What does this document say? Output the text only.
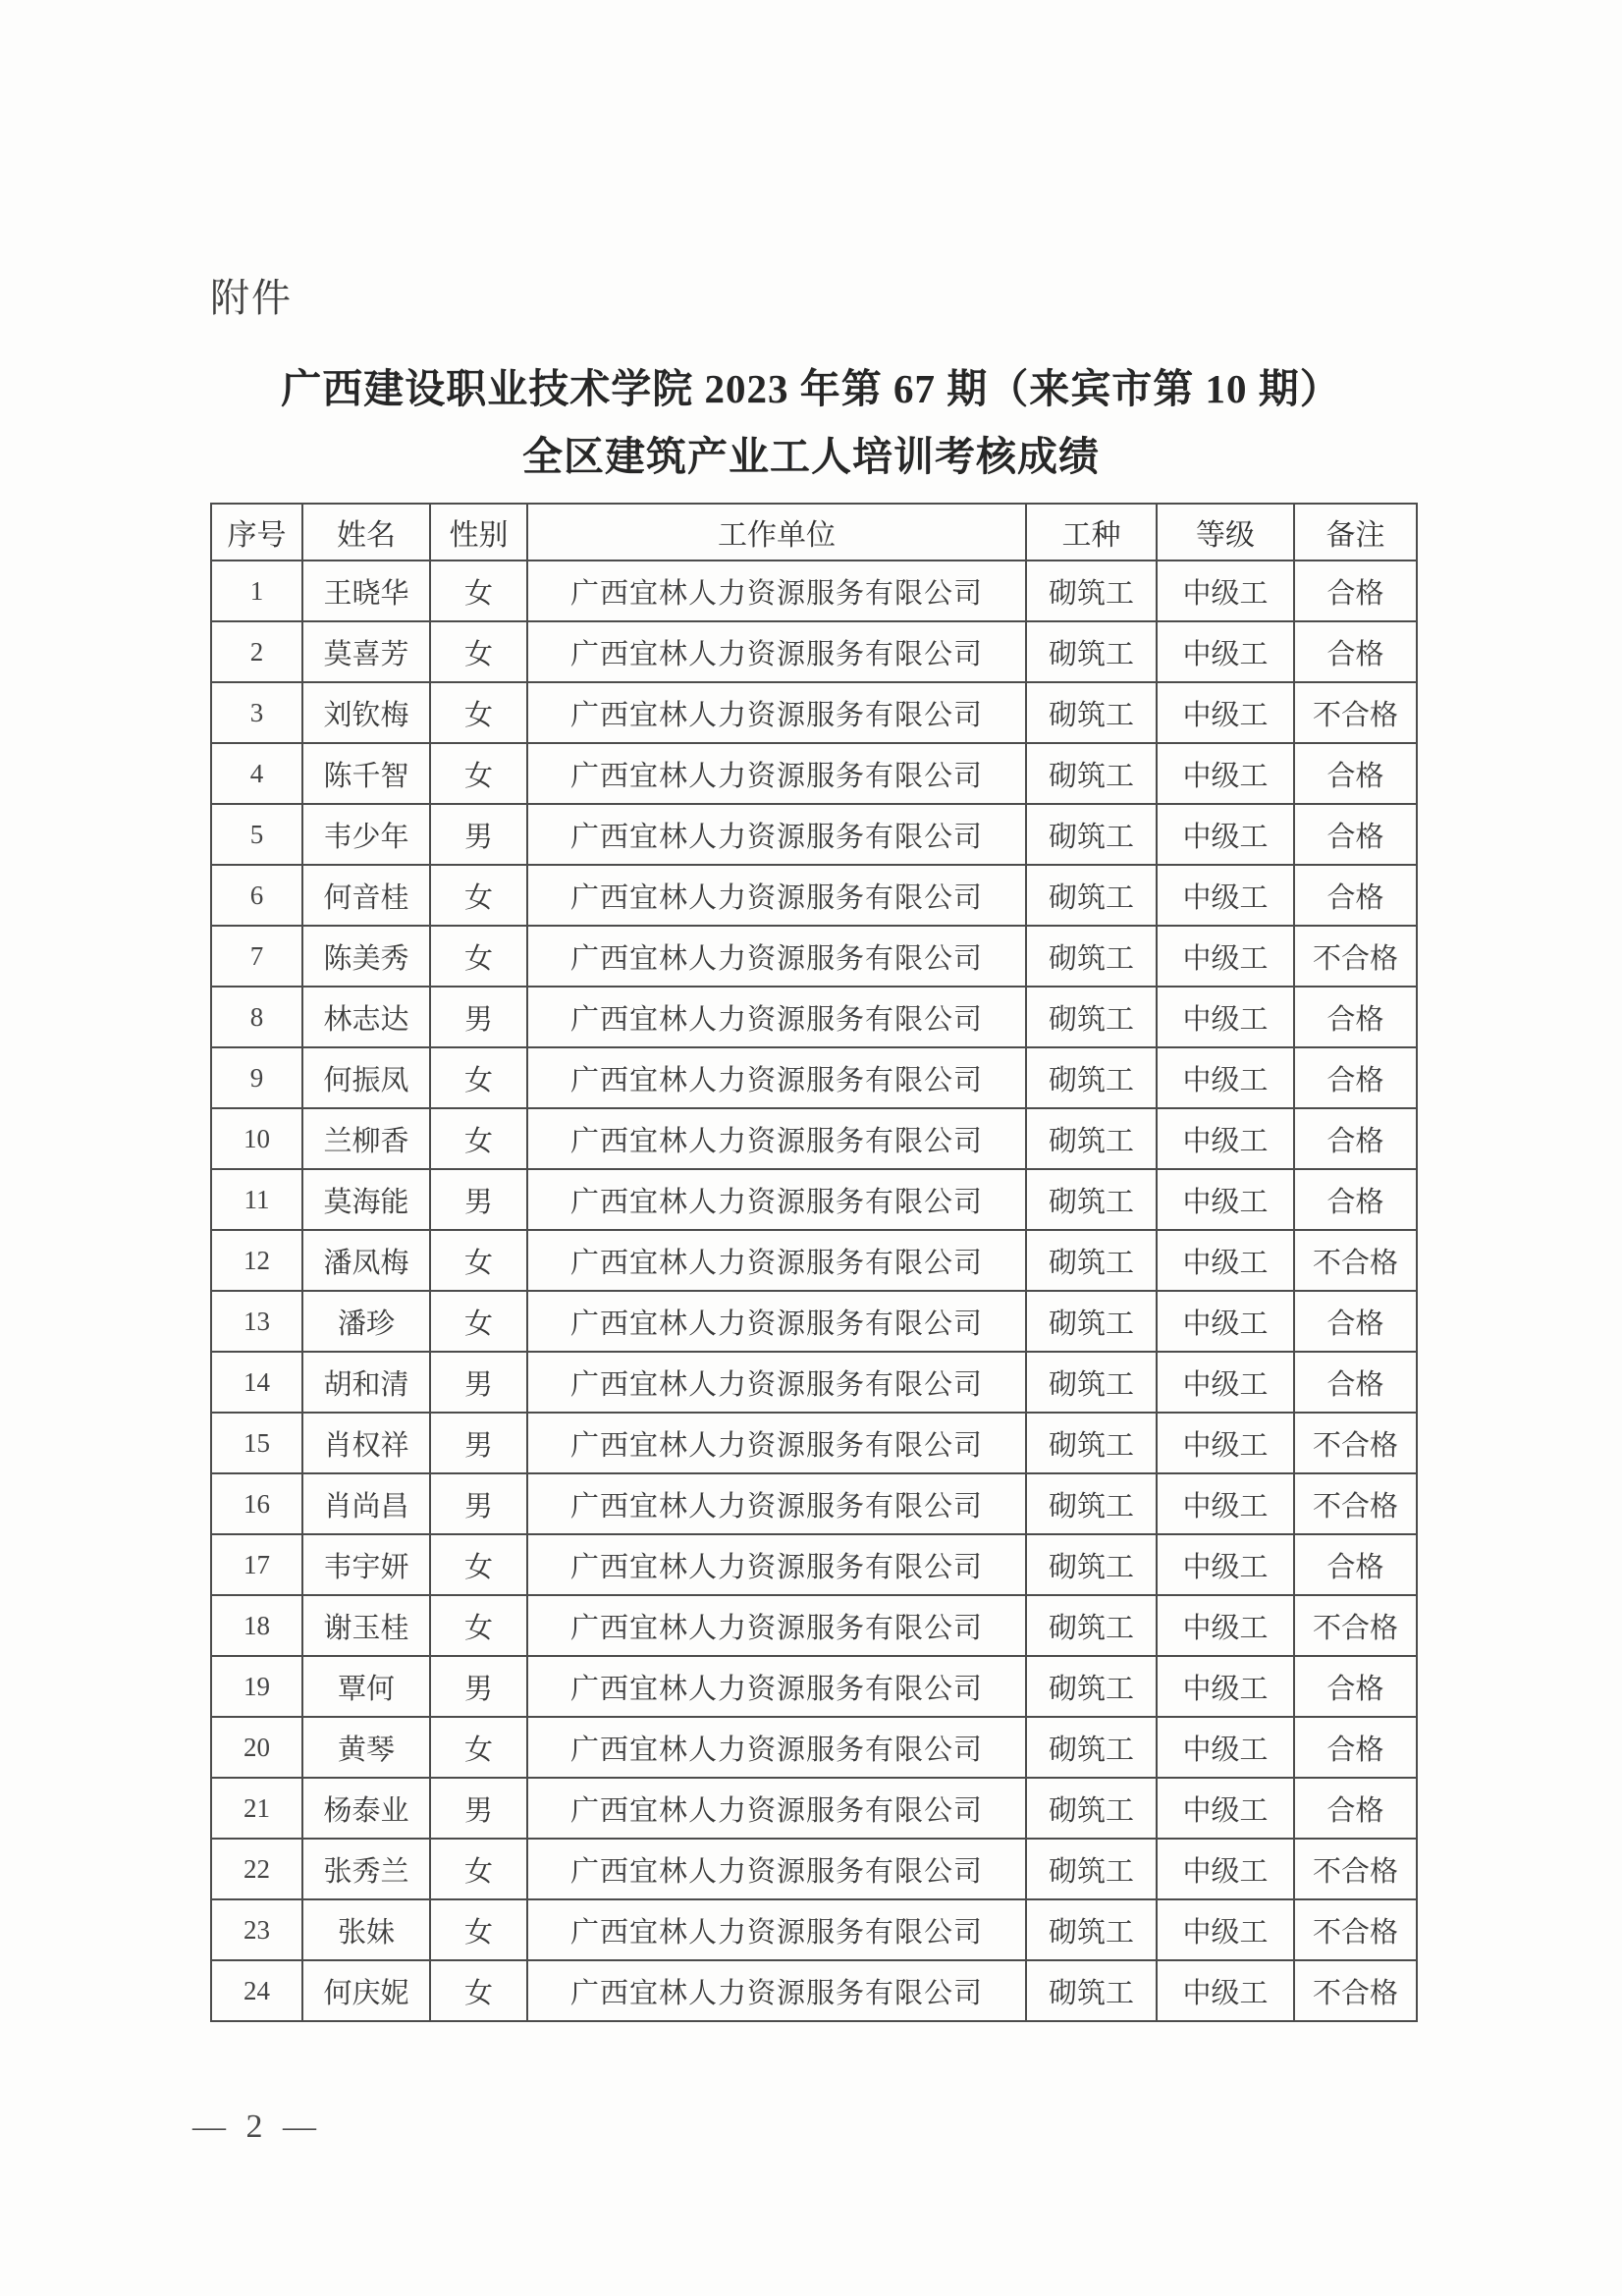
附件
广西建设职业技术学院 2023 年第 67 期（来宾市第 10 期）
全区建筑产业工人培训考核成绩
序号	姓名	性别	工作单位	工种	等级	备注
1	王晓华	女	广西宜林人力资源服务有限公司	砌筑工	中级工	合格
2	莫喜芳	女	广西宜林人力资源服务有限公司	砌筑工	中级工	合格
3	刘钦梅	女	广西宜林人力资源服务有限公司	砌筑工	中级工	不合格
4	陈千智	女	广西宜林人力资源服务有限公司	砌筑工	中级工	合格
5	韦少年	男	广西宜林人力资源服务有限公司	砌筑工	中级工	合格
6	何音桂	女	广西宜林人力资源服务有限公司	砌筑工	中级工	合格
7	陈美秀	女	广西宜林人力资源服务有限公司	砌筑工	中级工	不合格
8	林志达	男	广西宜林人力资源服务有限公司	砌筑工	中级工	合格
9	何振凤	女	广西宜林人力资源服务有限公司	砌筑工	中级工	合格
10	兰柳香	女	广西宜林人力资源服务有限公司	砌筑工	中级工	合格
11	莫海能	男	广西宜林人力资源服务有限公司	砌筑工	中级工	合格
12	潘凤梅	女	广西宜林人力资源服务有限公司	砌筑工	中级工	不合格
13	潘珍	女	广西宜林人力资源服务有限公司	砌筑工	中级工	合格
14	胡和清	男	广西宜林人力资源服务有限公司	砌筑工	中级工	合格
15	肖权祥	男	广西宜林人力资源服务有限公司	砌筑工	中级工	不合格
16	肖尚昌	男	广西宜林人力资源服务有限公司	砌筑工	中级工	不合格
17	韦宇妍	女	广西宜林人力资源服务有限公司	砌筑工	中级工	合格
18	谢玉桂	女	广西宜林人力资源服务有限公司	砌筑工	中级工	不合格
19	覃何	男	广西宜林人力资源服务有限公司	砌筑工	中级工	合格
20	黄琴	女	广西宜林人力资源服务有限公司	砌筑工	中级工	合格
21	杨泰业	男	广西宜林人力资源服务有限公司	砌筑工	中级工	合格
22	张秀兰	女	广西宜林人力资源服务有限公司	砌筑工	中级工	不合格
23	张妹	女	广西宜林人力资源服务有限公司	砌筑工	中级工	不合格
24	何庆妮	女	广西宜林人力资源服务有限公司	砌筑工	中级工	不合格
— 2 —
